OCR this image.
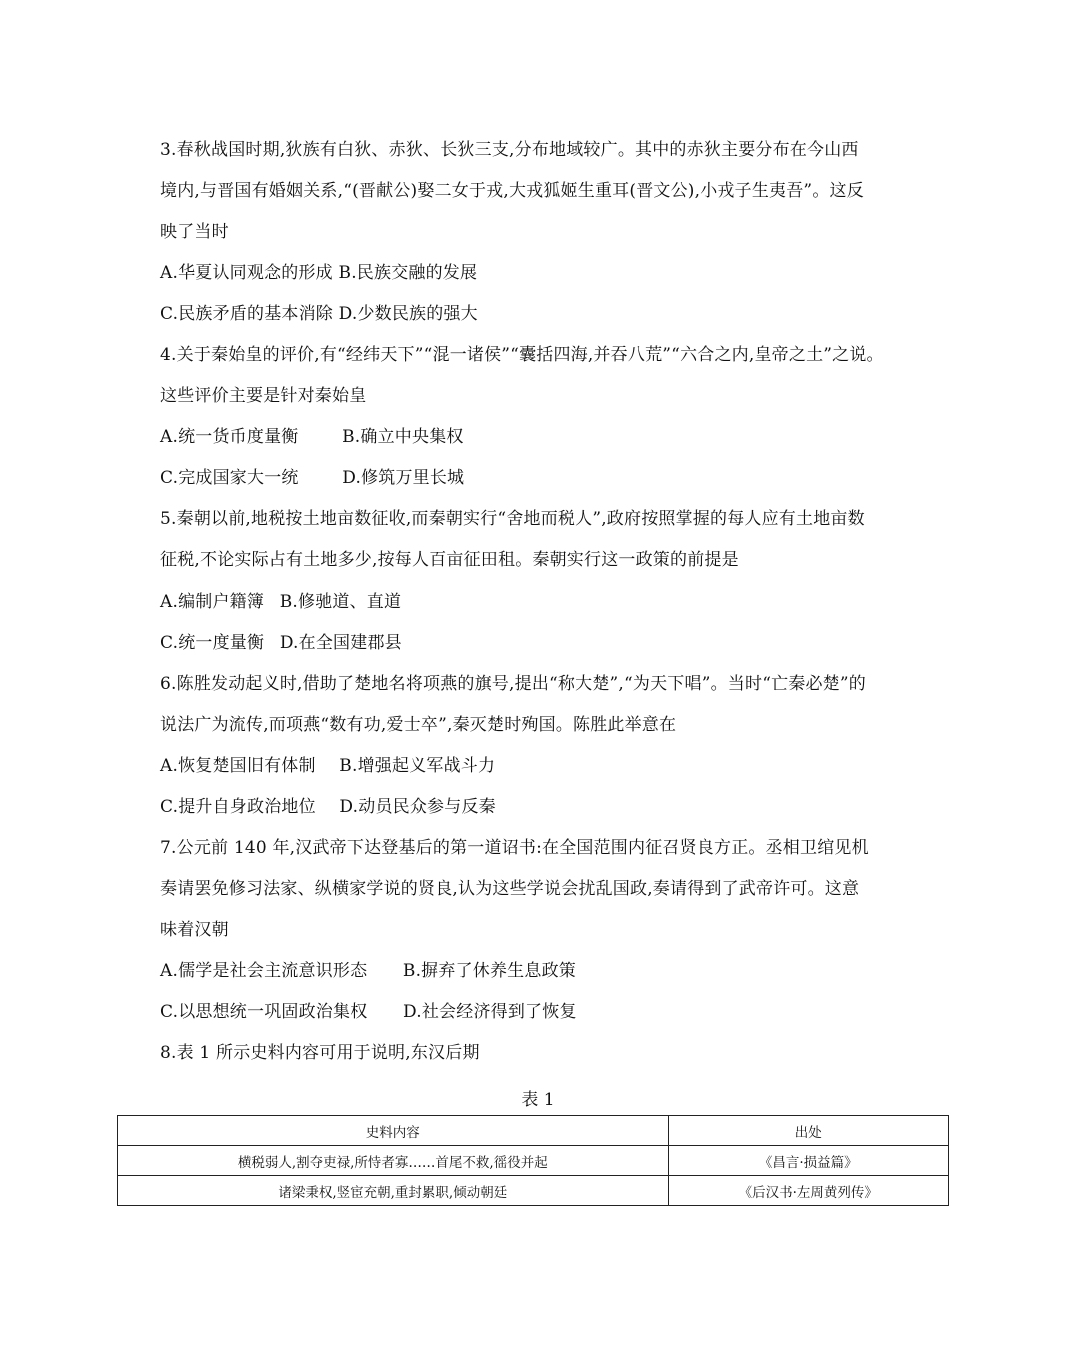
3.春秋战国时期,狄族有白狄、赤狄、长狄三支,分布地域较广。其中的赤狄主要分布在今山西
境内,与晋国有婚姻关系,“(晋献公)娶二女于戎,大戎狐姬生重耳(晋文公),小戎子生夷吾”。这反
映了当时
A.华夏认同观念的形成 B.民族交融的发展
C.民族矛盾的基本消除 D.少数民族的强大
4.关于秦始皇的评价,有“经纬天下”“混一诸侯”“囊括四海,并吞八荒”“六合之内,皇帝之土”之说。
这些评价主要是针对秦始皇
A.统一货币度量衡	B.确立中央集权
C.完成国家大一统	D.修筑万里长城
5.秦朝以前,地税按土地亩数征收,而秦朝实行“舍地而税人”,政府按照掌握的每人应有土地亩数
征税,不论实际占有土地多少,按每人百亩征田租。秦朝实行这一政策的前提是
A.编制户籍簿 B.修驰道、直道
C.统一度量衡 D.在全国建郡县
6.陈胜发动起义时,借助了楚地名将项燕的旗号,提出“称大楚”,“为天下唱”。当时“亡秦必楚”的
说法广为流传,而项燕“数有功,爱士卒”,秦灭楚时殉国。陈胜此举意在
A.恢复楚国旧有体制 B.增强起义军战斗力
C.提升自身政治地位 D.动员民众参与反秦
7.公元前 140 年,汉武帝下达登基后的第一道诏书:在全国范围内征召贤良方正。丞相卫绾见机
奏请罢免修习法家、纵横家学说的贤良,认为这些学说会扰乱国政,奏请得到了武帝许可。这意
味着汉朝
A.儒学是社会主流意识形态 B.摒弃了休养生息政策
C.以思想统一巩固政治集权 D.社会经济得到了恢复
8.表 1 所示史料内容可用于说明,东汉后期
表 1
史料内容	出处
横税弱人,割夺吏禄,所恃者寡……首尾不救,徭役并起	《昌言·损益篇》
诸梁秉权,竖宦充朝,重封累职,倾动朝廷	《后汉书·左周黄列传》
